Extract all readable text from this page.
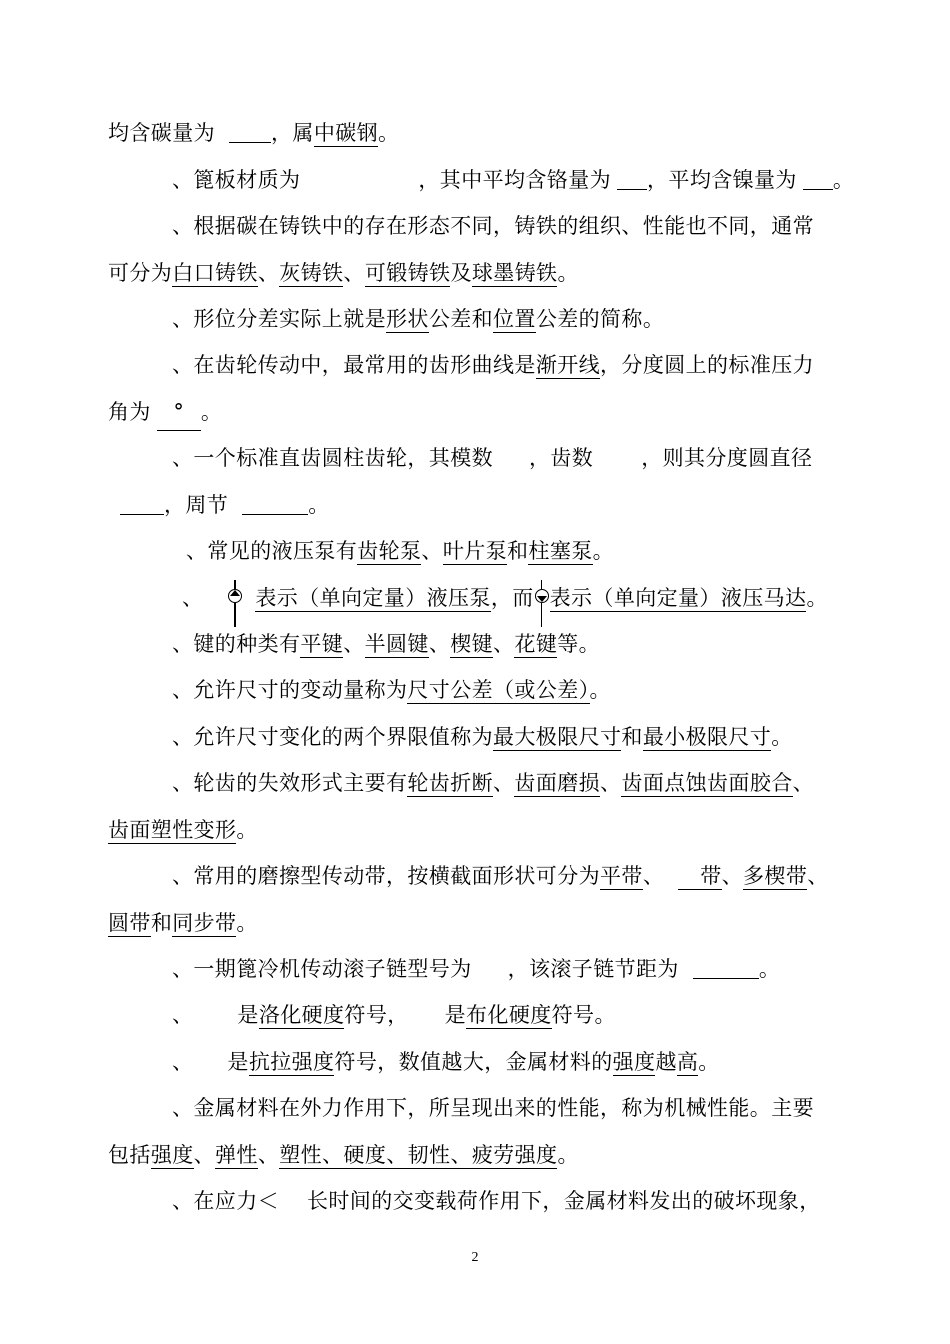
均含碳量为	，属中碳钢。
、篦板材质为	，其中平均含铬量为 ，平均含镍量为 。
、根据碳在铸铁中的存在形态不同，铸铁的组织、性能也不同，通常
可分为白口铸铁、灰铸铁、可锻铸铁及球墨铸铁。
、形位分差实际上就是形状公差和位置公差的简称。
、在齿轮传动中，最常用的齿形曲线是渐开线，分度圆上的标准压力
角为 ° 。
、一个标准直齿圆柱齿轮，其模数 ，齿数 ，则其分度圆直径
，周节	。
、常见的液压泵有齿轮泵、叶片泵和柱塞泵。
、 表示（单向定量）液压泵，而 表示（单向定量）液压马达。
、键的种类有平键、半圆键、楔键、花键等。
、允许尺寸的变动量称为尺寸公差（或公差）。
、允许尺寸变化的两个界限值称为最大极限尺寸和最小极限尺寸。
、轮齿的失效形式主要有轮齿折断、齿面磨损、齿面点蚀齿面胶合、
齿面塑性变形。
、常用的磨擦型传动带，按横截面形状可分为平带、 带、多楔带、
圆带和同步带。
、一期篦冷机传动滚子链型号为 ，该滚子链节距为	。
、 是洛化硬度符号， 是布化硬度符号。
、 是抗拉强度符号，数值越大，金属材料的强度越高。
、金属材料在外力作用下，所呈现出来的性能，称为机械性能。主要
包括强度、弹性、塑性、硬度、韧性、疲劳强度。
、在应力＜ 长时间的交变载荷作用下，金属材料发出的破坏现象，
2
